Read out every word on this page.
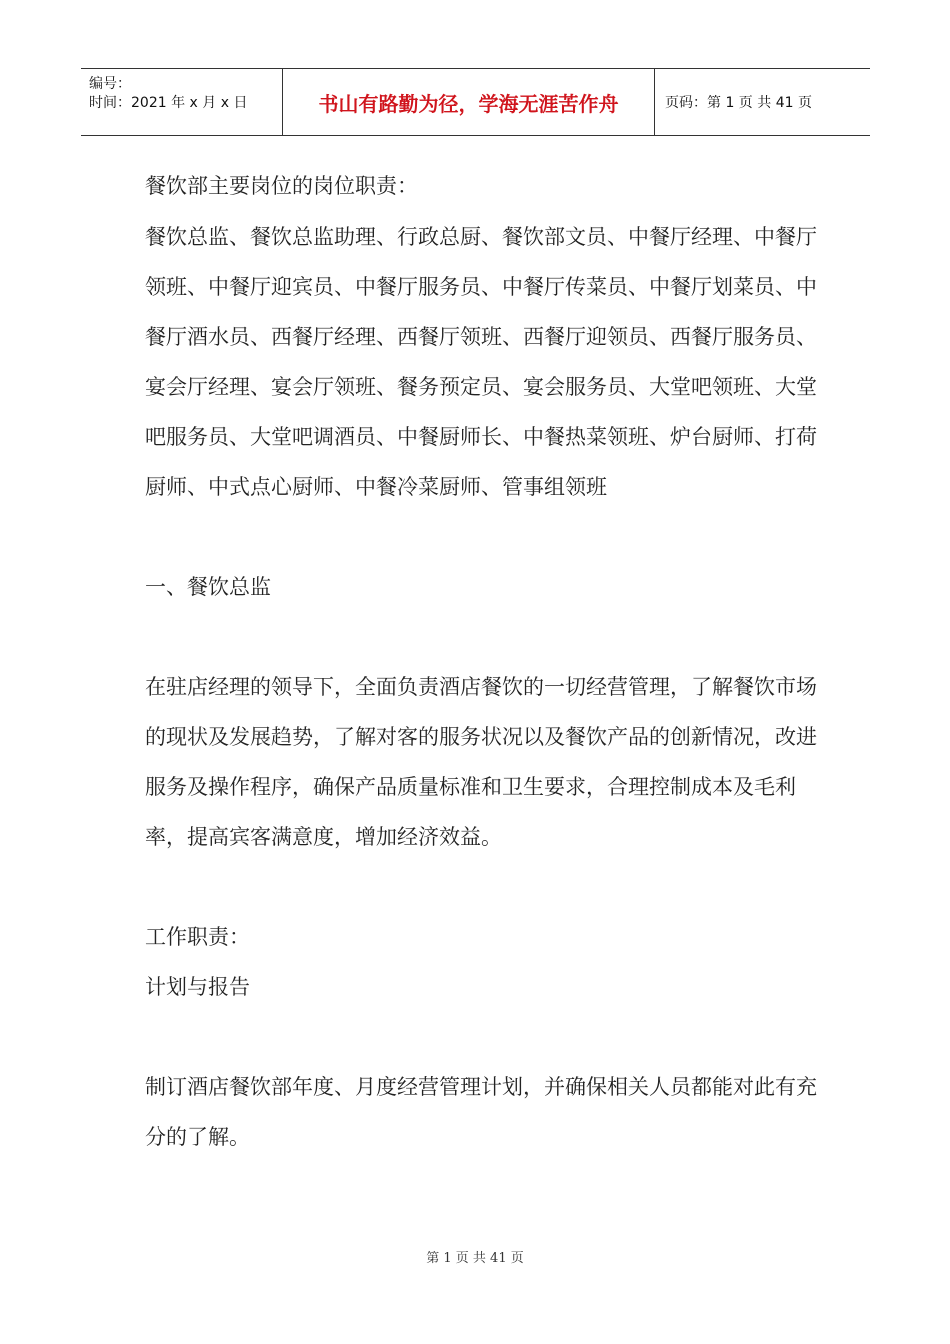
编号：
时间：2021 年 x 月 x 日	书山有路勤为径，学海无涯苦作舟	页码：第 1 页 共 41 页

餐饮部主要岗位的岗位职责：

餐饮总监、餐饮总监助理、行政总厨、餐饮部文员、中餐厅经理、中餐厅领班、中餐厅迎宾员、中餐厅服务员、中餐厅传菜员、中餐厅划菜员、中餐厅酒水员、西餐厅经理、西餐厅领班、西餐厅迎领员、西餐厅服务员、宴会厅经理、宴会厅领班、餐务预定员、宴会服务员、大堂吧领班、大堂吧服务员、大堂吧调酒员、中餐厨师长、中餐热菜领班、炉台厨师、打荷厨师、中式点心厨师、中餐冷菜厨师、管事组领班

一、餐饮总监

在驻店经理的领导下，全面负责酒店餐饮的一切经营管理，了解餐饮市场的现状及发展趋势，了解对客的服务状况以及餐饮产品的创新情况，改进服务及操作程序，确保产品质量标准和卫生要求，合理控制成本及毛利率，提高宾客满意度，增加经济效益。

工作职责：

计划与报告

制订酒店餐饮部年度、月度经营管理计划，并确保相关人员都能对此有充分的了解。

第 1 页 共 41 页
